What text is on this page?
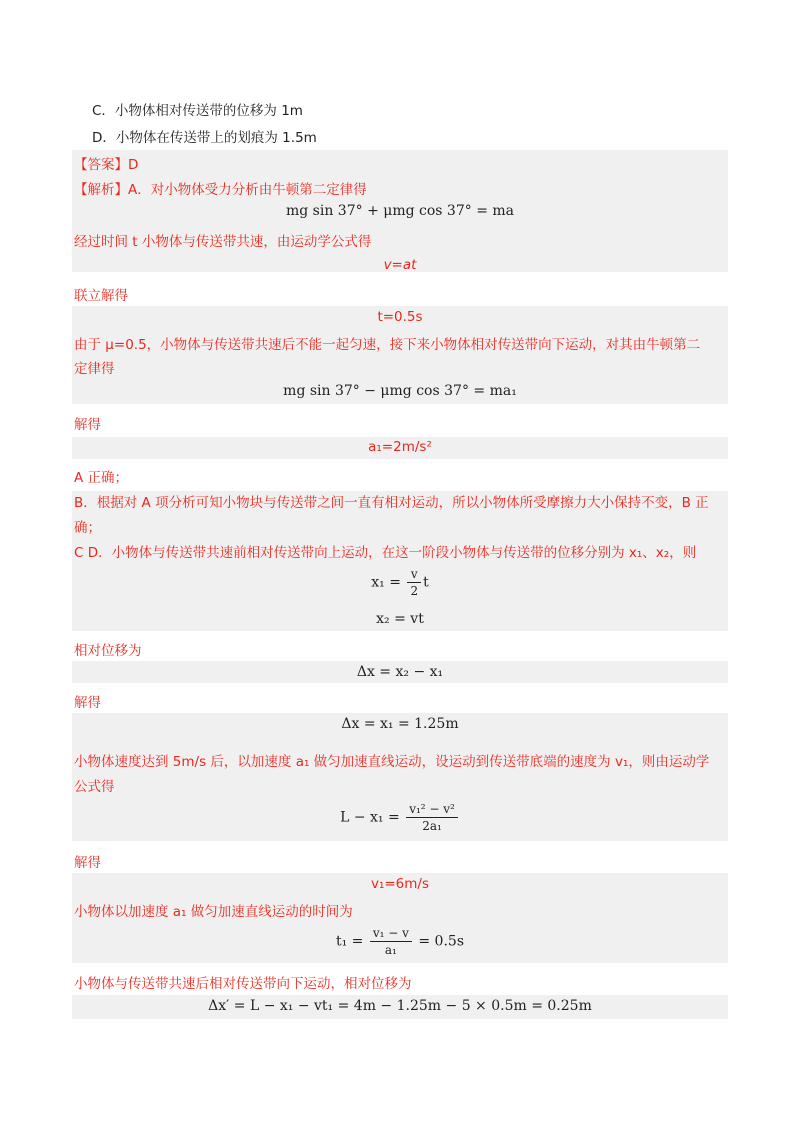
C．小物体相对传送带的位移为 1m
D．小物体在传送带上的划痕为 1.5m
【答案】D
【解析】A．对小物体受力分析由牛顿第二定律得
mg sin 37° + μmg cos 37° = ma
经过时间 t 小物体与传送带共速，由运动学公式得
v=at
联立解得
t=0.5s
由于 μ=0.5，小物体与传送带共速后不能一起匀速，接下来小物体相对传送带向下运动，对其由牛顿第二
定律得
mg sin 37° − μmg cos 37° = ma₁
解得
a₁=2m/s²
A 正确；
B．根据对 A 项分析可知小物块与传送带之间一直有相对运动，所以小物体所受摩擦力大小保持不变，B 正
确；
C D．小物体与传送带共速前相对传送带向上运动，在这一阶段小物体与传送带的位移分别为 x₁、x₂，则
$x_1 = \frac{v}{2}$ t
x₂ = vt
相对位移为
Δx = x₂ − x₁
解得
Δx = x₁ = 1.25m
小物体速度达到 5m/s 后，以加速度 a₁ 做匀加速直线运动，设运动到传送带底端的速度为 v₁，则由运动学
公式得
$L - x_1 = \frac{\text{v₁² − v²}}{\text{2a₁}}$
解得
v₁=6m/s
小物体以加速度 a₁ 做匀加速直线运动的时间为
$t_1 = \frac{\text{v₁ − v}}{\text{a₁}} = 0.5s$
小物体与传送带共速后相对传送带向下运动，相对位移为
Δx′ = L − x₁ − vt₁ = 4m − 1.25m − 5 × 0.5m = 0.25m
